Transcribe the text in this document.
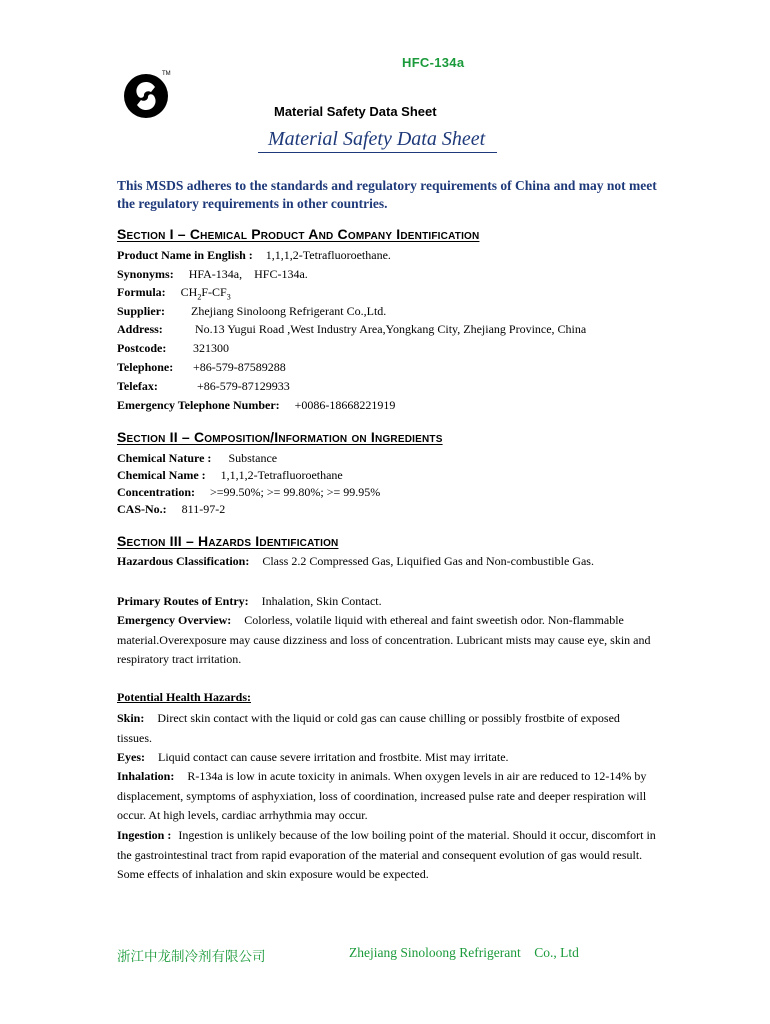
HFC-134a
TM
Material Safety Data Sheet
Material Safety Data Sheet
This MSDS adheres to the standards and regulatory requirements of China and may not meet the regulatory requirements in other countries.
Section I – Chemical Product And Company Identification
Product Name in English : 1,1,1,2-Tetrafluoroethane.
Synonyms: HFA-134a,    HFC-134a.
Formula: $CH_2F-CF_3$
Supplier: Zhejiang Sinoloong Refrigerant Co.,Ltd.
Address:	No.13 Yugui Road ,West Industry Area,Yongkang City, Zhejiang Province, China
Postcode: 321300
Telephone: +86-579-87589288
Telefax:	+86-579-87129933
Emergency Telephone Number: +0086-18668221919
Section II – Composition/Information on Ingredients
Chemical Nature : Substance
Chemical Name : 1,1,1,2-Tetrafluoroethane
Concentration: >=99.50%; >= 99.80%; >= 99.95%
CAS-No.: 811-97-2
Section III – Hazards Identification
Hazardous Classification: Class 2.2 Compressed Gas, Liquified Gas and Non-combustible Gas.
Primary Routes of Entry: Inhalation, Skin Contact.
Emergency Overview: Colorless, volatile liquid with ethereal and faint sweetish odor. Non-flammable material.Overexposure may cause dizziness and loss of concentration. Lubricant mists may cause eye, skin and respiratory tract irritation.
Potential Health Hazards:
Skin: Direct skin contact with the liquid or cold gas can cause chilling or possibly frostbite of exposed tissues.
Eyes: Liquid contact can cause severe irritation and frostbite. Mist may irritate.
Inhalation: R-134a is low in acute toxicity in animals. When oxygen levels in air are reduced to 12-14% by displacement, symptoms of asphyxiation, loss of coordination, increased pulse rate and deeper respiration will occur. At high levels, cardiac arrhythmia may occur.
Ingestion : Ingestion is unlikely because of the low boiling point of the material. Should it occur, discomfort in the gastrointestinal tract from rapid evaporation of the material and consequent evolution of gas would result. Some effects of inhalation and skin exposure would be expected.
浙江中龙制冷剂有限公司	Zhejiang Sinoloong Refrigerant    Co., Ltd
